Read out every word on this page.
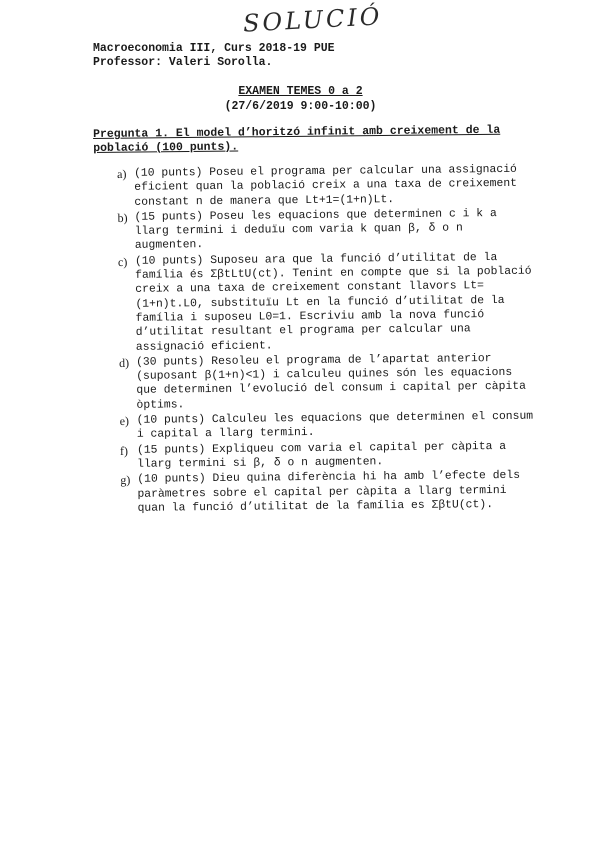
SOLUCIÓ
Macroeconomia III, Curs 2018-19 PUE
Professor: Valeri Sorolla.
EXAMEN TEMES 0 a 2
(27/6/2019 9:00-10:00)
Pregunta 1. El model d’horitzó infinit amb creixement de la població (100 punts).
a) (10 punts) Poseu el programa per calcular una assignació eficient quan la població creix a una taxa de creixement constant n de manera que Lt+1=(1+n)Lt.
b) (15 punts) Poseu les equacions que determinen c i k a llarg termini i deduïu com varia k quan β, δ o n augmenten.
c) (10 punts) Suposeu ara que la funció d’utilitat de la família és ΣβtLtU(ct). Tenint en compte que si la població creix a una taxa de creixement constant llavors Lt=(1+n)t.L0, substituïu Lt en la funció d’utilitat de la família i suposeu L0=1. Escriviu amb la nova funció d’utilitat resultant el programa per calcular una assignació eficient.
d) (30 punts) Resoleu el programa de l’apartat anterior (suposant β(1+n)<1) i calculeu quines són les equacions que determinen l’evolució del consum i capital per càpita òptims.
e) (10 punts) Calculeu les equacions que determinen el consum i capital a llarg termini.
f) (15 punts) Expliqueu com varia el capital per càpita a llarg termini si β, δ o n augmenten.
g) (10 punts) Dieu quina diferència hi ha amb l’efecte dels paràmetres sobre el capital per càpita a llarg termini quan la funció d’utilitat de la família es ΣβtU(ct).
